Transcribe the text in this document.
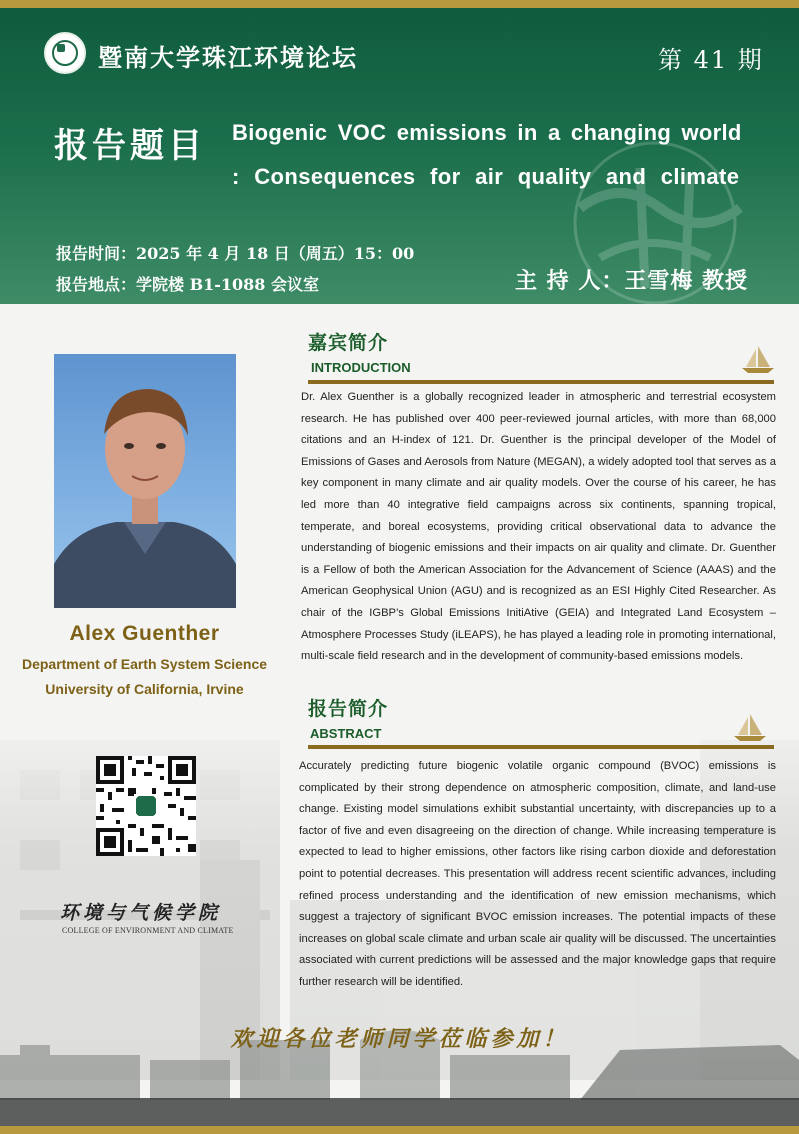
暨南大学珠江环境论坛	第 41 期
报告题目 Biogenic VOC emissions in a changing world
: Consequences for air quality and climate
报告时间：2025 年 4 月 18 日（周五）15：00
报告地点：学院楼 B1-1088 会议室	主 持 人：王雪梅 教授
Alex Guenther
Department of Earth System Science
University of California, Irvine
环境与气候学院
COLLEGE OF ENVIRONMENT AND CLIMATE
嘉宾简介
INTRODUCTION
Dr. Alex Guenther is a globally recognized leader in atmospheric and terrestrial ecosystem research. He has published over 400 peer-reviewed journal articles, with more than 68,000 citations and an H-index of 121. Dr. Guenther is the principal developer of the Model of Emissions of Gases and Aerosols from Nature (MEGAN), a widely adopted tool that serves as a key component in many climate and air quality models. Over the course of his career, he has led more than 40 integrative field campaigns across six continents, spanning tropical, temperate, and boreal ecosystems, providing critical observational data to advance the understanding of biogenic emissions and their impacts on air quality and climate. Dr. Guenther is a Fellow of both the American Association for the Advancement of Science (AAAS) and the American Geophysical Union (AGU) and is recognized as an ESI Highly Cited Researcher. As chair of the IGBP’s Global Emissions InitiAtive (GEIA) and Integrated Land Ecosystem – Atmosphere Processes Study (iLEAPS), he has played a leading role in promoting international, multi-scale field research and in the development of community-based emissions models.
报告简介
ABSTRACT
Accurately predicting future biogenic volatile organic compound (BVOC) emissions is complicated by their strong dependence on atmospheric composition, climate, and land-use change. Existing model simulations exhibit substantial uncertainty, with discrepancies up to a factor of five and even disagreeing on the direction of change. While increasing temperature is expected to lead to higher emissions, other factors like rising carbon dioxide and deforestation point to potential decreases. This presentation will address recent scientific advances, including refined process understanding and the identification of new emission mechanisms, which suggest a trajectory of significant BVOC emission increases. The potential impacts of these increases on global scale climate and urban scale air quality will be discussed. The uncertainties associated with current predictions will be assessed and the major knowledge gaps that require further research will be identified.
欢迎各位老师同学莅临参加！
